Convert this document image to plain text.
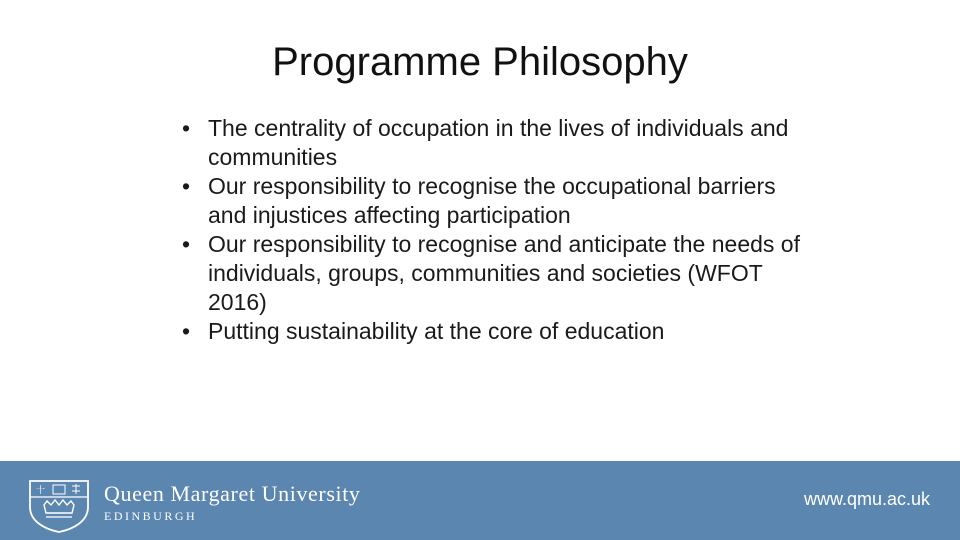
Programme Philosophy
• The centrality of occupation in the lives of individuals and communities
• Our responsibility to recognise the occupational barriers and injustices affecting participation
• Our responsibility to recognise and anticipate the needs of individuals, groups, communities and societies (WFOT 2016)
• Putting sustainability at the core of education
十	Queen Margaret University
EDINBURGH
www.qmu.ac.uk
